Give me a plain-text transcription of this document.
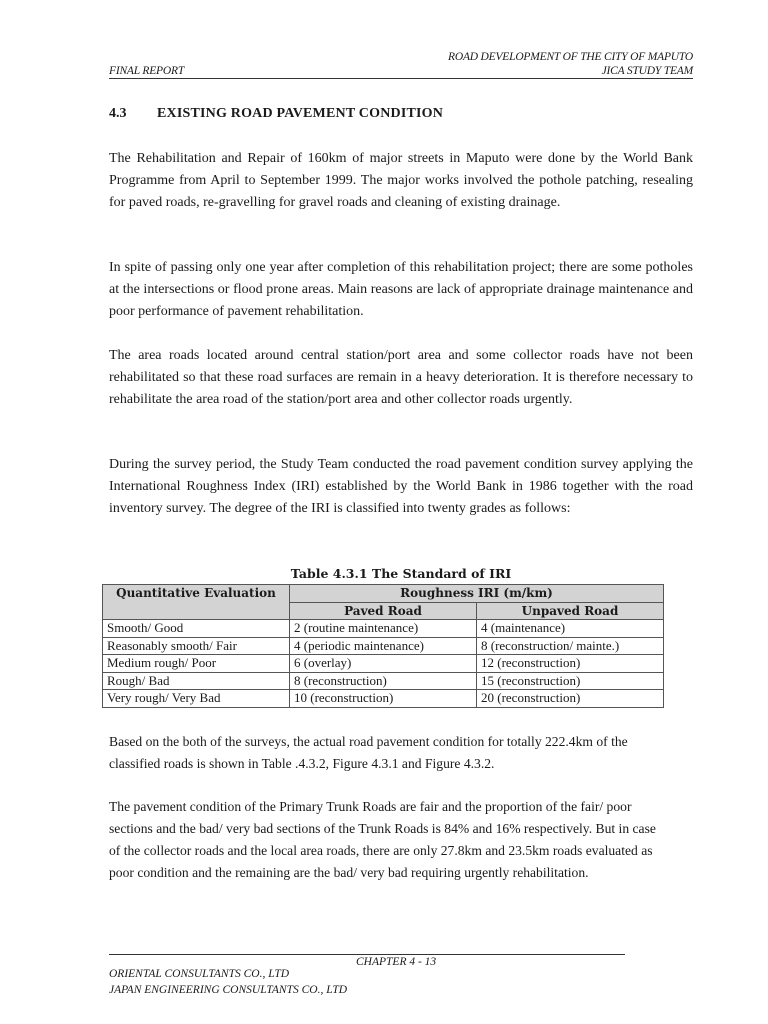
ROAD DEVELOPMENT OF THE CITY OF MAPUTO
FINAL REPORT	JICA STUDY TEAM
4.3 EXISTING ROAD PAVEMENT CONDITION

The Rehabilitation and Repair of 160km of major streets in Maputo were done by the World Bank Programme from April to September 1999. The major works involved the pothole patching, resealing for paved roads, re-gravelling for gravel roads and cleaning of existing drainage.

In spite of passing only one year after completion of this rehabilitation project; there are some potholes at the intersections or flood prone areas. Main reasons are lack of appropriate drainage maintenance and poor performance of pavement rehabilitation.

The area roads located around central station/port area and some collector roads have not been rehabilitated so that these road surfaces are remain in a heavy deterioration. It is therefore necessary to rehabilitate the area road of the station/port area and other collector roads urgently.

During the survey period, the Study Team conducted the road pavement condition survey applying the International Roughness Index (IRI) established by the World Bank in 1986 together with the road inventory survey. The degree of the IRI is classified into twenty grades as follows:

Table 4.3.1 The Standard of IRI
Quantitative Evaluation	Roughness IRI (m/km)	
	Paved Road	Unpaved Road
Smooth/ Good	2 (routine maintenance)	4 (maintenance)
Reasonably smooth/ Fair	4 (periodic maintenance)	8 (reconstruction/ mainte.)
Medium rough/ Poor	6 (overlay)	12 (reconstruction)
Rough/ Bad	8 (reconstruction)	15 (reconstruction)
Very rough/ Very Bad	10 (reconstruction)	20 (reconstruction)

Based on the both of the surveys, the actual road pavement condition for totally 222.4km of the classified roads is shown in Table .4.3.2, Figure 4.3.1 and Figure 4.3.2.

The pavement condition of the Primary Trunk Roads are fair and the proportion of the fair/ poor sections and the bad/ very bad sections of the Trunk Roads is 84% and 16% respectively. But in case of the collector roads and the local area roads, there are only 27.8km and 23.5km roads evaluated as poor condition and the remaining are the bad/ very bad requiring urgently rehabilitation.

CHAPTER 4 - 13
ORIENTAL CONSULTANTS CO., LTD
JAPAN ENGINEERING CONSULTANTS CO., LTD
